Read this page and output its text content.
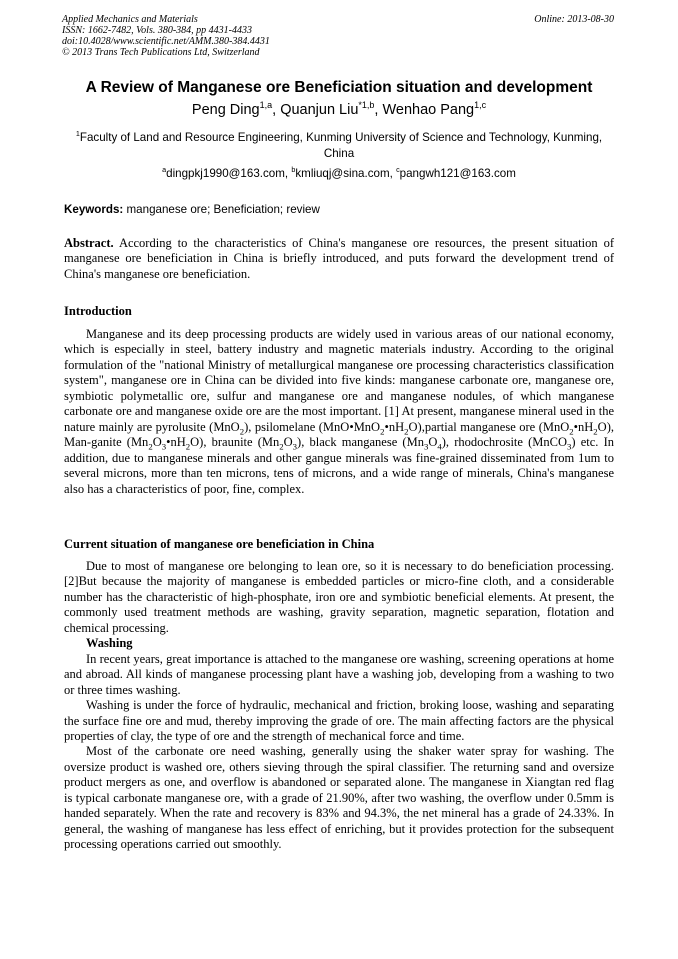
Applied Mechanics and Materials
ISSN: 1662-7482, Vols. 380-384, pp 4431-4433
doi:10.4028/www.scientific.net/AMM.380-384.4431
© 2013 Trans Tech Publications Ltd, Switzerland
Online: 2013-08-30
A Review of Manganese ore Beneficiation situation and development
Peng Ding$^{1,a}$, Quanjun Liu$^{*1,b}$, Wenhao Pang$^{1,c}$
$^1$Faculty of Land and Resource Engineering, Kunming University of Science and Technology, Kunming, China
$^a$dingpkj1990@163.com, $^b$kmliuqj@sina.com, $^c$pangwh121@163.com
Keywords: manganese ore; Beneficiation; review

Abstract. According to the characteristics of China's manganese ore resources, the present situation of manganese ore beneficiation in China is briefly introduced, and puts forward the development trend of China's manganese ore beneficiation.

Introduction

Manganese and its deep processing products are widely used in various areas of our national economy, which is especially in steel, battery industry and magnetic materials industry. According to the original formulation of the "national Ministry of metallurgical manganese ore processing characteristics classification system", manganese ore in China can be divided into five kinds: manganese carbonate ore, manganese ore, symbiotic polymetallic ore, sulfur and manganese ore and manganese nodules, of which manganese carbonate ore and manganese oxide ore are the most important. [1] At present, manganese mineral used in the nature mainly are pyrolusite (MnO$_2$), psilomelane $(MnO•MnO_2•nH_2O),partial$ manganese ore $(MnO_2•nH_2O)$, Man-ganite $(Mn_2O_3•nH_2O)$, braunite $(Mn_2O_3)$, black manganese $(Mn_3O_4)$, rhodochrosite (MnCO$_3$) etc. In addition, due to manganese minerals and other gangue minerals was fine-grained disseminated from 1um to several microns, more than ten microns, tens of microns, and a wide range of minerals, China's manganese also has a characteristics of poor, fine, complex.

Current situation of manganese ore beneficiation in China

Due to most of manganese ore belonging to lean ore, so it is necessary to do beneficiation processing. [2]But because the majority of manganese is embedded particles or micro-fine cloth, and a considerable number has the characteristic of high-phosphate, iron ore and symbiotic beneficial elements. At present, the commonly used treatment methods are washing, gravity separation, magnetic separation, flotation and chemical processing.

Washing

In recent years, great importance is attached to the manganese ore washing, screening operations at home and abroad. All kinds of manganese processing plant have a washing job, developing from a washing to two or three times washing.

Washing is under the force of hydraulic, mechanical and friction, broking loose, washing and separating the surface fine ore and mud, thereby improving the grade of ore. The main affecting factors are the physical properties of clay, the type of ore and the strength of mechanical force and time.

Most of the carbonate ore need washing, generally using the shaker water spray for washing. The oversize product is washed ore, others sieving through the spiral classifier. The returning sand and oversize product mergers as one, and overflow is abandoned or separated alone. The manganese in Xiangtan red flag is typical carbonate manganese ore, with a grade of 21.90%, after two washing, the overflow under 0.5mm is handed separately. When the rate and recovery is 83% and 94.3%, the net mineral has a grade of 24.33%. In general, the washing of manganese has less effect of enriching, but it provides protection for the subsequent processing operations carried out smoothly.
